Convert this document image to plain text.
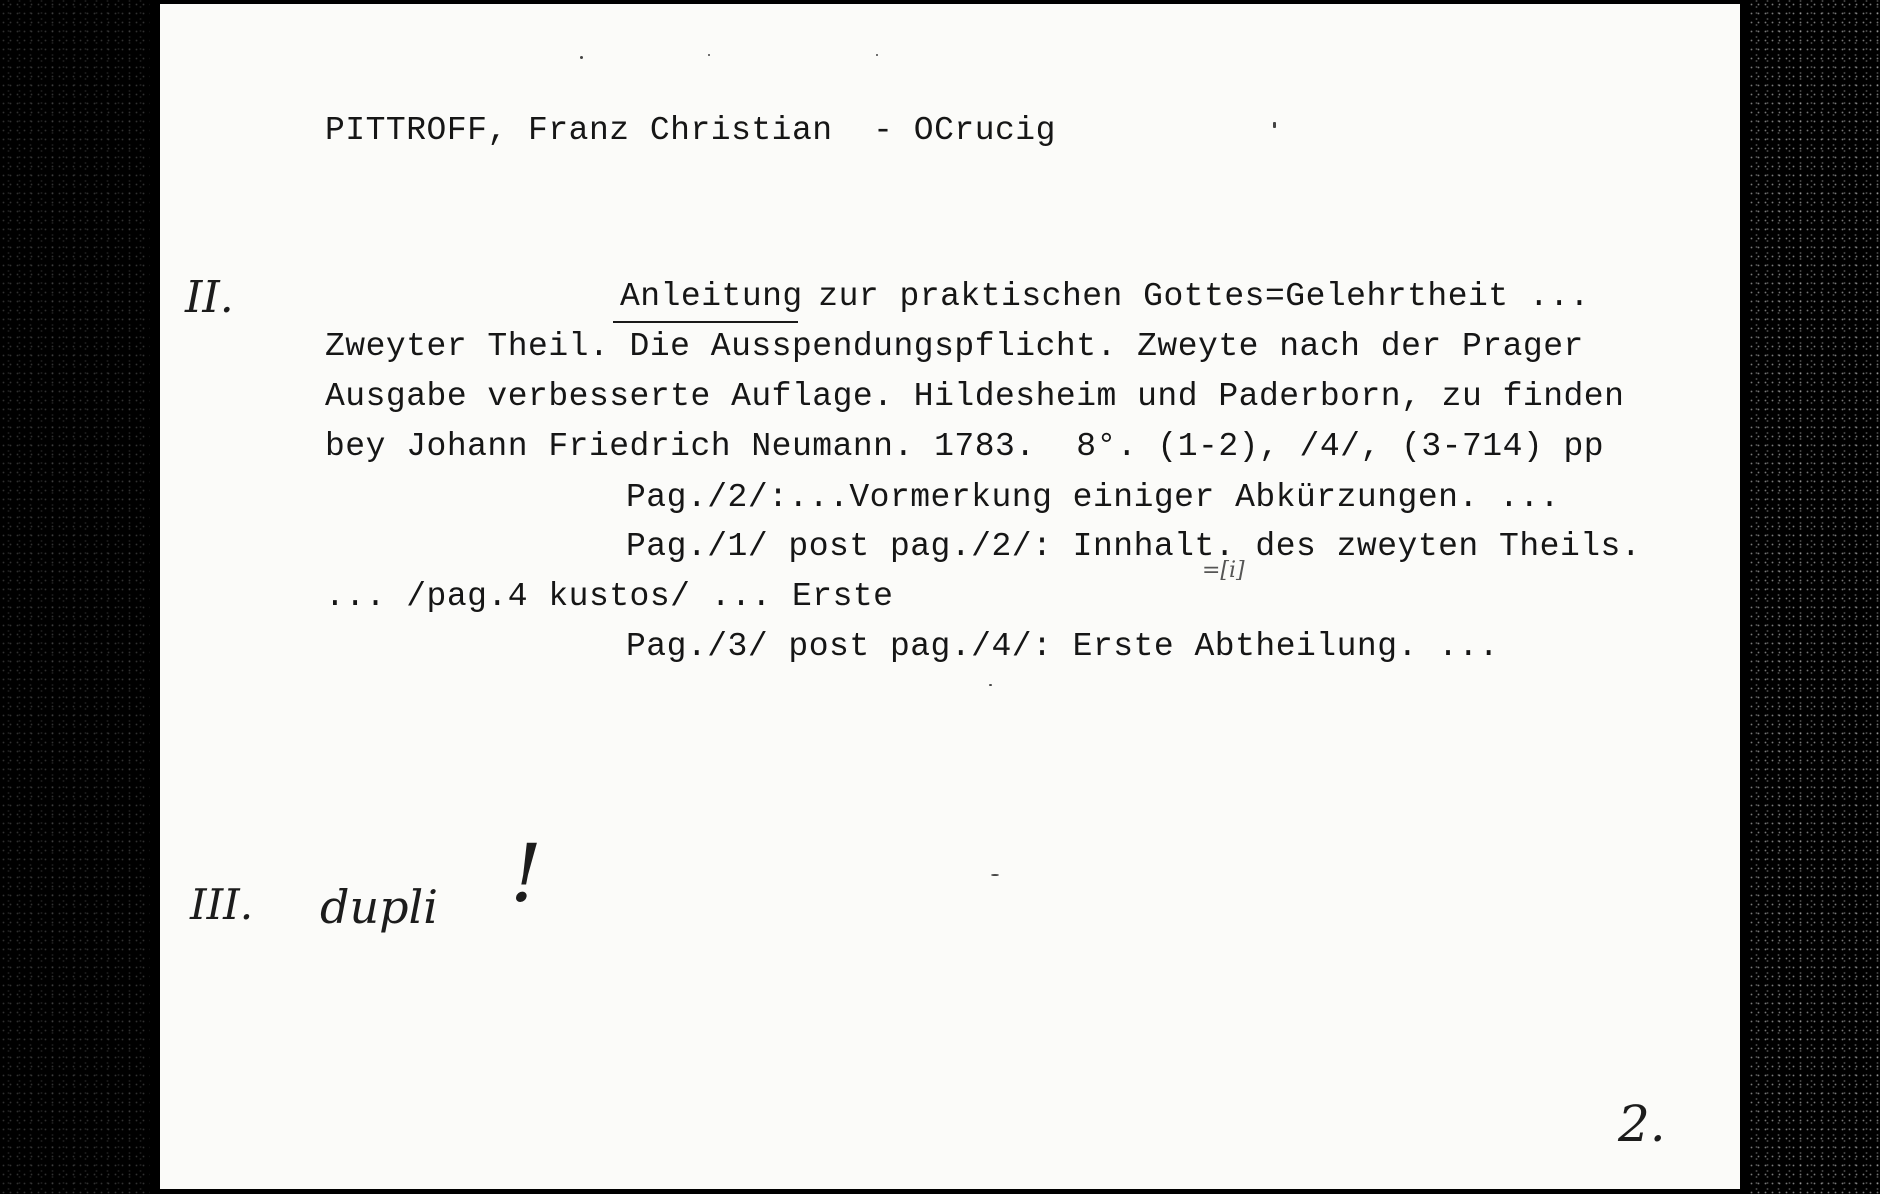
PITTROFF, Franz Christian  - OCrucig
II.	Anleitung
zur praktischen Gottes=Gelehrtheit ...
Zweyter Theil. Die Ausspendungspflicht. Zweyte nach der Prager
Ausgabe verbesserte Auflage. Hildesheim und Paderborn, zu finden
bey Johann Friedrich Neumann. 1783.  8°. (1-2), /4/, (3-714) pp
Pag./2/:...Vormerkung einiger Abkürzungen. ...
Pag./1/ post pag./2/: Innhalt. des zweyten Theils.
=[i]
... /pag.4 kustos/ ... Erste
Pag./3/ post pag./4/: Erste Abtheilung. ...
III. dupli !
2.
